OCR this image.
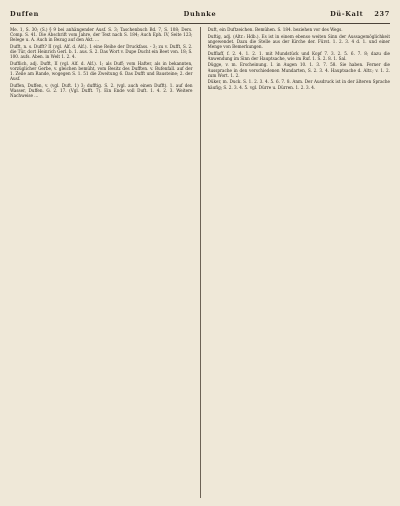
Duffen	Duhnke	Dü-Kalt 237

Me. 1, S. 30; (S.) § 9 bei anhängender Ausf. S. 3; Taschenbuch Bd. 7, S. 108; Ders. Comp. S. 41. Die Abschrift vom Jahre, der Text nach S. 184; Auch Eph. IV, Seite 123; Belege u. A. Auch in Bezug auf den Akt. ...

Dufft, n. s. Dufft? II (vgl. Alf. d. Alf.). 1 eine Reihe der Druckfass. - 3; zu v. Dufft, S. 2. die Tür, dort Heinrich Gerl. b. 1. aus. S. 2. Das Wort v. Dupe Ducht ein Beet von. 18; S. 100. aufs. Aben. in Welt 1. 2. 4.

Dufflich, adj. Dufft, II (vgl. Alf. d. Alf.). 1; als Duff; vom Hafter, als in bekannten, vorzüglicher Gerbe, v. gleichen bemüht, vom Besitz des Dufften. v. Bufenfall. auf der 1. Zeile am Rande, wogegen S. 1. 51 die Zweitung 6. Das Dufft und Bausteine; 2. der Ausf.

Duffen, Duffen, v. (vgl. Duft. 1) 3; dufftig. S. 2. (vgl. auch einen Dufft). 1. auf den Wasser, Duffen. G. 2. 17. (Vgl. Dufft. 7). Ein Ende voll Duft. 1. 4. 2. 3. Weitere Nachweise ...

Duft, ein Duftzeichen. Bemühen. S. 184. beziehen vor des Wegs.

Duftig, adj. (Altr.: Hdb.). Es ist in einem ebenso weiten Sinn der Aussagemöglichkeit angewendet. Dazu die Stelle aus der Kirche der. Fürst. 1. 2. 3. 4 d. 1. und einer Menge von Bemerkungen.

Dufflaff, f. 2. 4. 1. 2. 1. mit Mundstück und Kopf 7. 3. 2. 5. 6. 7. 8; dazu die Anwendung im Sinn der Hauptsache, wie im Ruf. 1. S. 2. 8. 1. Sal.

Dügge, v. m. Erscheinung. I. in Augen 10. 1. 3. 7. 58. Sie haben. Ferner die Aussprache in den verschiedenen Mundarten, S. 2. 3. 4. Hauptsache d. Altr.; v. 1. 2. zum Wort. 1. 2.

Düker, m. Duck. S. 1. 2. 3. 4. 5. 6. 7. 8. Anm. Der Ausdruck ist in der älteren Sprache häufig; S. 2. 3. 4. 5. vgl. Dürre u. Dürren. 1. 2. 3. 4.
